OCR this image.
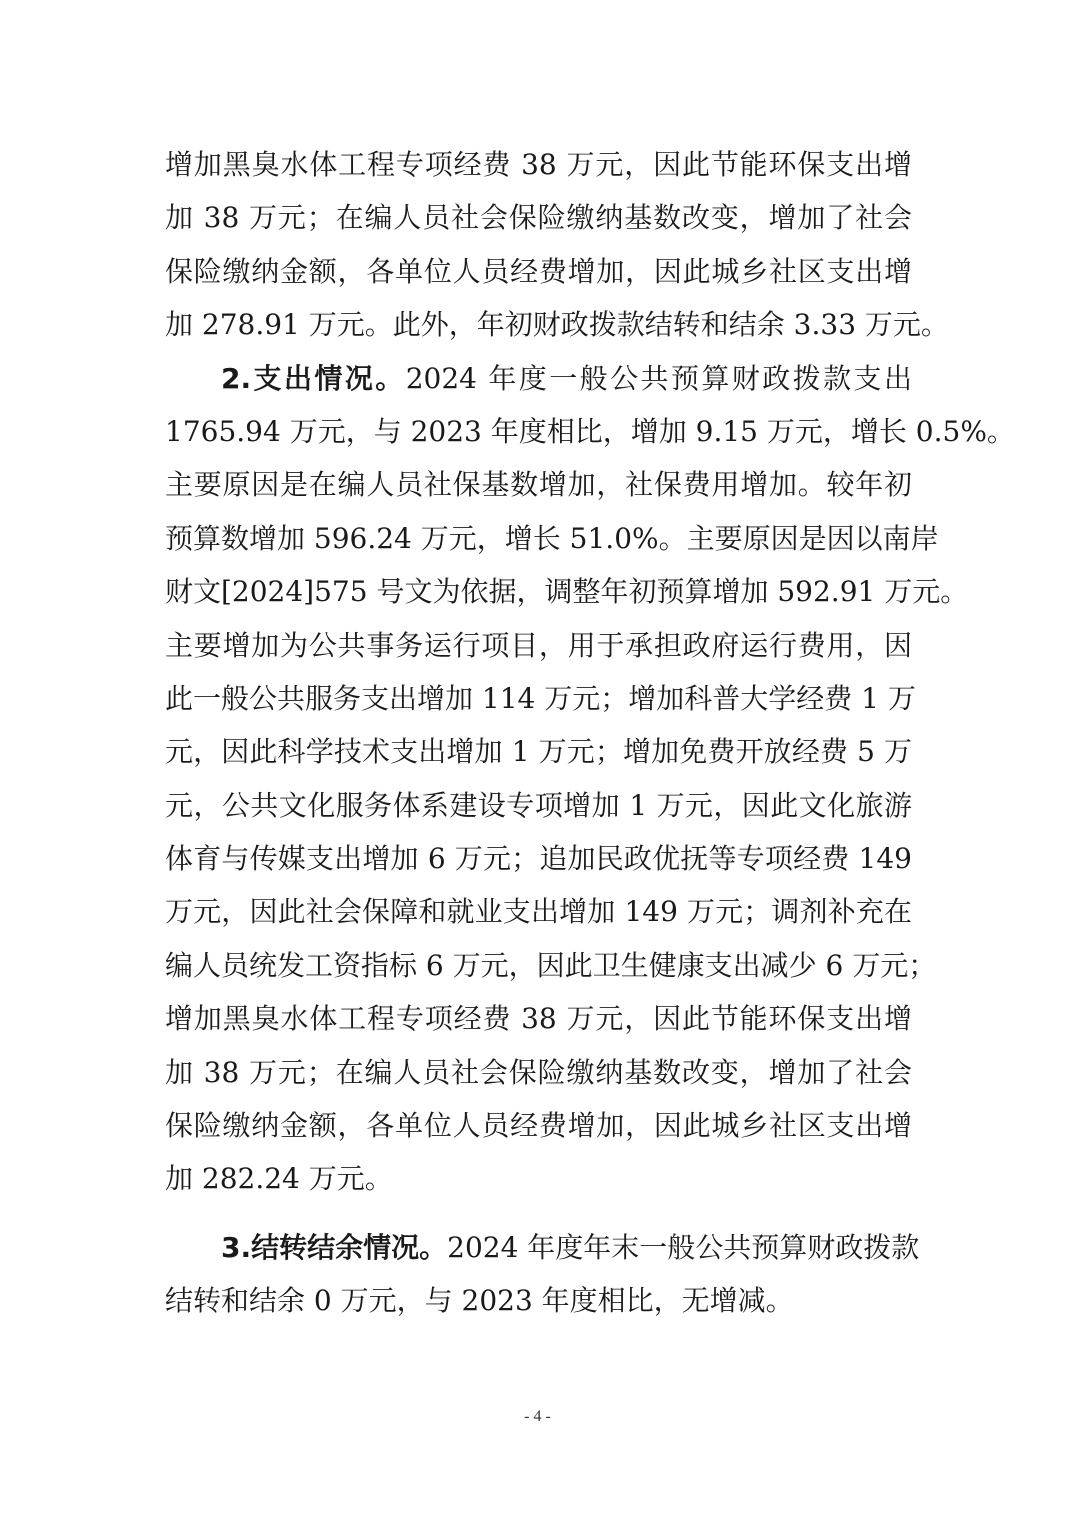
增加黑臭水体工程专项经费 38 万元，因此节能环保支出增
加 38 万元；在编人员社会保险缴纳基数改变，增加了社会
保险缴纳金额，各单位人员经费增加，因此城乡社区支出增
加 278.91 万元。此外，年初财政拨款结转和结余 3.33 万元。
2.支出情况。2024 年度一般公共预算财政拨款支出
1765.94 万元，与 2023 年度相比，增加 9.15 万元，增长 0.5%。
主要原因是在编人员社保基数增加，社保费用增加。较年初
预算数增加 596.24 万元，增长 51.0%。主要原因是因以南岸
财文[2024]575 号文为依据，调整年初预算增加 592.91 万元。
主要增加为公共事务运行项目，用于承担政府运行费用，因
此一般公共服务支出增加 114 万元；增加科普大学经费 1 万
元，因此科学技术支出增加 1 万元；增加免费开放经费 5 万
元，公共文化服务体系建设专项增加 1 万元，因此文化旅游
体育与传媒支出增加 6 万元；追加民政优抚等专项经费 149
万元，因此社会保障和就业支出增加 149 万元；调剂补充在
编人员统发工资指标 6 万元，因此卫生健康支出减少 6 万元；
增加黑臭水体工程专项经费 38 万元，因此节能环保支出增
加 38 万元；在编人员社会保险缴纳基数改变，增加了社会
保险缴纳金额，各单位人员经费增加，因此城乡社区支出增
加 282.24 万元。
3.结转结余情况。2024 年度年末一般公共预算财政拨款
结转和结余 0 万元，与 2023 年度相比，无增减。
- 4 -
